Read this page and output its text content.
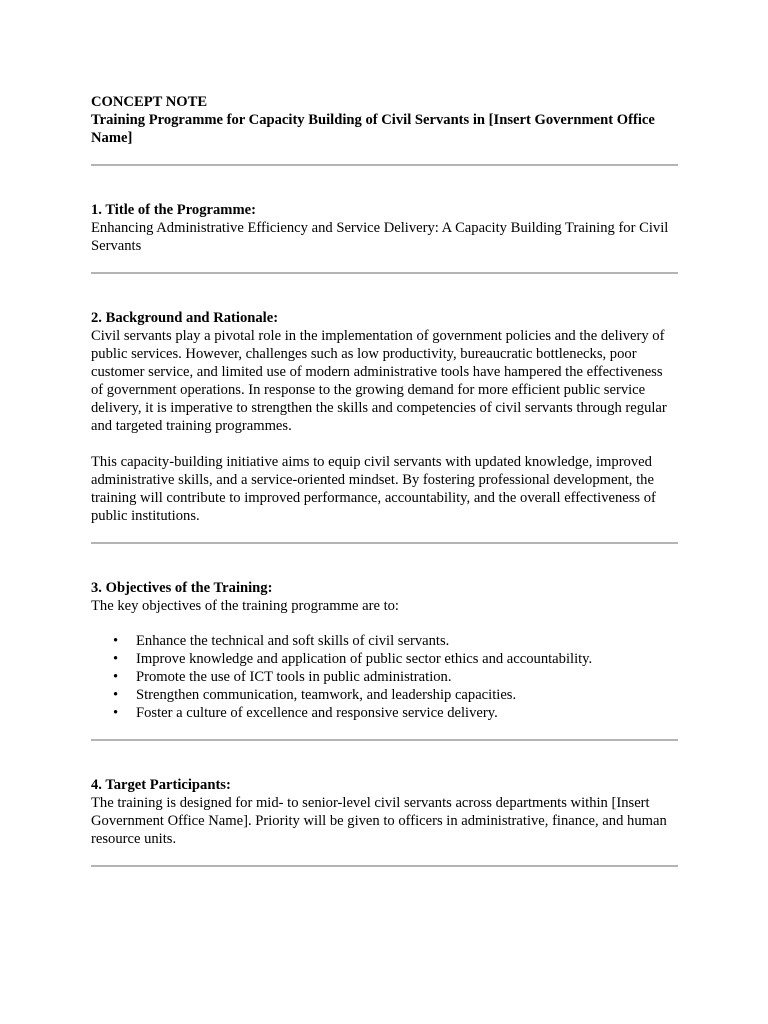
CONCEPT NOTE
Training Programme for Capacity Building of Civil Servants in [Insert Government Office Name]
1. Title of the Programme:

Enhancing Administrative Efficiency and Service Delivery: A Capacity Building Training for Civil Servants

2. Background and Rationale:

Civil servants play a pivotal role in the implementation of government policies and the delivery of public services. However, challenges such as low productivity, bureaucratic bottlenecks, poor customer service, and limited use of modern administrative tools have hampered the effectiveness of government operations. In response to the growing demand for more efficient public service delivery, it is imperative to strengthen the skills and competencies of civil servants through regular and targeted training programmes.

This capacity-building initiative aims to equip civil servants with updated knowledge, improved administrative skills, and a service-oriented mindset. By fostering professional development, the training will contribute to improved performance, accountability, and the overall effectiveness of public institutions.

3. Objectives of the Training:

The key objectives of the training programme are to:

• Enhance the technical and soft skills of civil servants.
• Improve knowledge and application of public sector ethics and accountability.
• Promote the use of ICT tools in public administration.
• Strengthen communication, teamwork, and leadership capacities.
• Foster a culture of excellence and responsive service delivery.
4. Target Participants:

The training is designed for mid- to senior-level civil servants across departments within [Insert Government Office Name]. Priority will be given to officers in administrative, finance, and human resource units.
